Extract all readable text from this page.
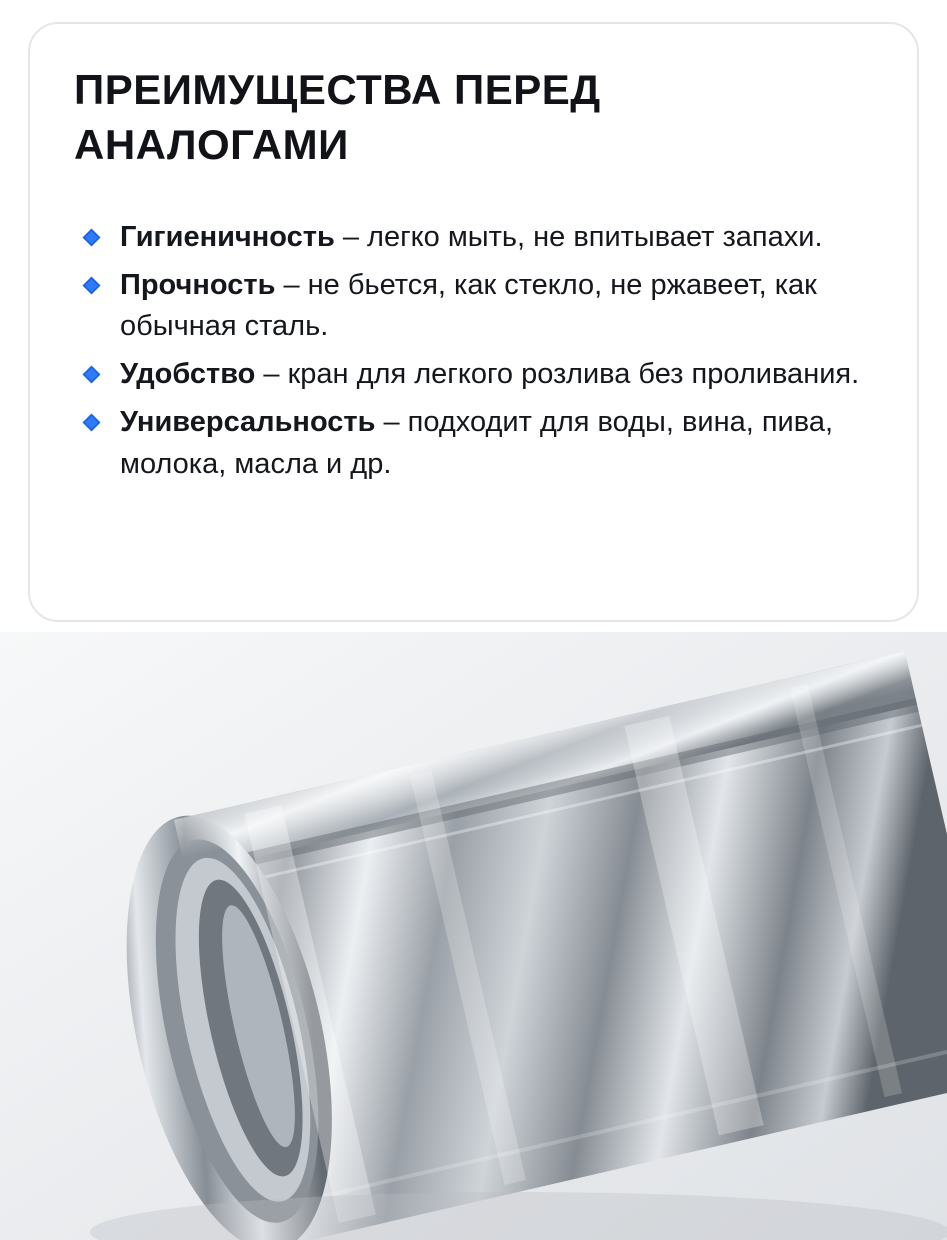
ПРЕИМУЩЕСТВА ПЕРЕД АНАЛОГАМИ
Гигиеничность – легко мыть, не впитывает запахи.
Прочность – не бьется, как стекло, не ржавеет, как обычная сталь.
Удобство – кран для легкого розлива без проливания.
Универсальность – подходит для воды, вина, пива, молока, масла и др.
